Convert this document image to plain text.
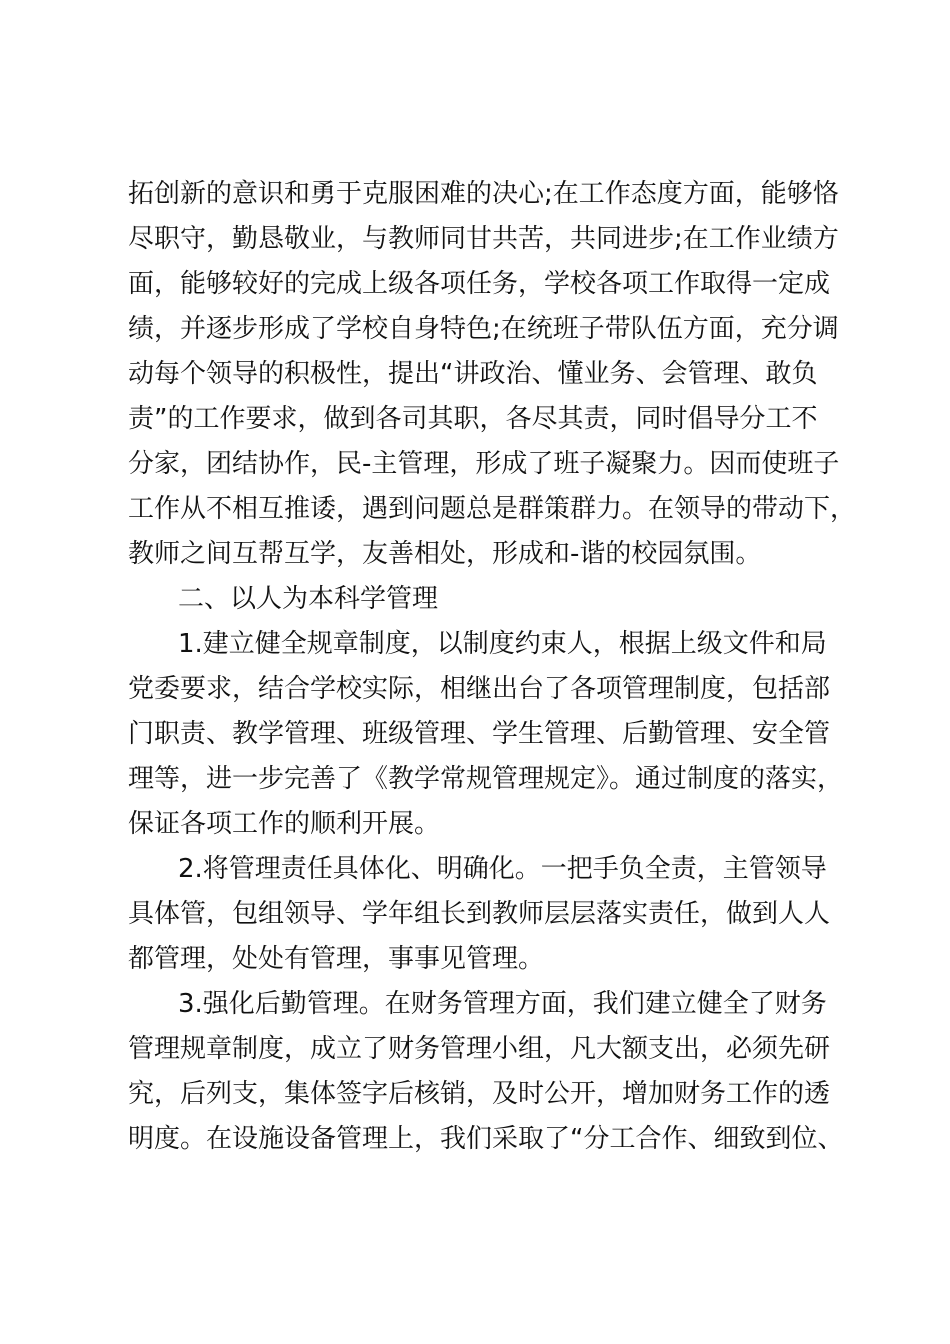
拓创新的意识和勇于克服困难的决心;在工作态度方面，能够恪
尽职守，勤恳敬业，与教师同甘共苦，共同进步;在工作业绩方
面，能够较好的完成上级各项任务，学校各项工作取得一定成
绩，并逐步形成了学校自身特色;在统班子带队伍方面，充分调
动每个领导的积极性，提出“讲政治、懂业务、会管理、敢负
责”的工作要求，做到各司其职，各尽其责，同时倡导分工不
分家，团结协作，民-主管理，形成了班子凝聚力。因而使班子
工作从不相互推诿，遇到问题总是群策群力。在领导的带动下，
教师之间互帮互学，友善相处，形成和-谐的校园氛围。
二、以人为本科学管理
1.建立健全规章制度，以制度约束人，根据上级文件和局
党委要求，结合学校实际，相继出台了各项管理制度，包括部
门职责、教学管理、班级管理、学生管理、后勤管理、安全管
理等，进一步完善了《教学常规管理规定》。通过制度的落实，
保证各项工作的顺利开展。
2.将管理责任具体化、明确化。一把手负全责，主管领导
具体管，包组领导、学年组长到教师层层落实责任，做到人人
都管理，处处有管理，事事见管理。
3.强化后勤管理。在财务管理方面，我们建立健全了财务
管理规章制度，成立了财务管理小组，凡大额支出，必须先研
究，后列支，集体签字后核销，及时公开，增加财务工作的透
明度。在设施设备管理上，我们采取了“分工合作、细致到位、
